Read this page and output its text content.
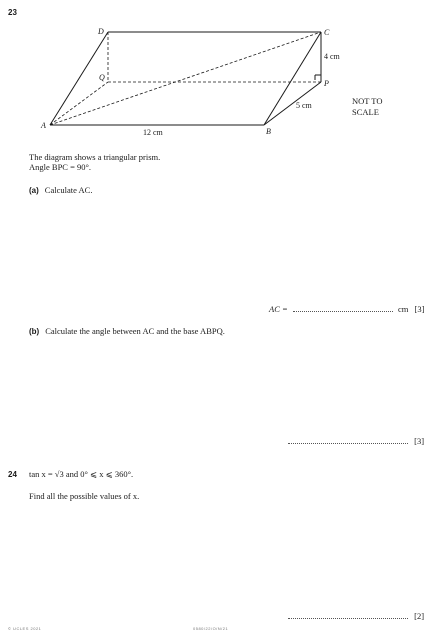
23
A
B
C
D
P
Q
5 cm
4 cm
12 cm
NOT TO
SCALE
The diagram shows a triangular prism.
Angle BPC = 90°.
(a) Calculate AC.
AC =	cm [3]
(b) Calculate the angle between AC and the base ABPQ.
[3]
24 tan x = √3 and 0° ⩽ x ⩽ 360°.
Find all the possible values of x.
[2]
© UCLES 2021	0580/22/O/N/21
